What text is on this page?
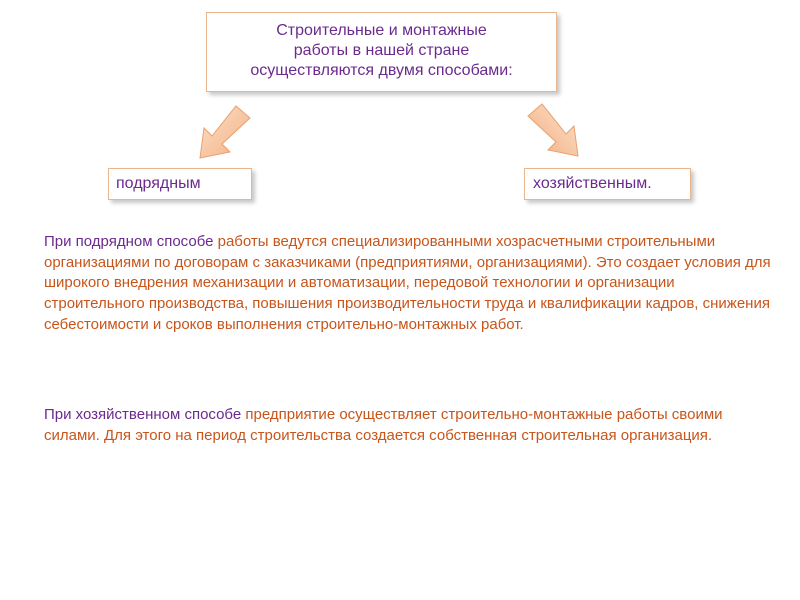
Строительные и монтажные
работы в нашей стране
осуществляются двумя способами:
подрядным	хозяйственным.

При подрядном способе работы ведутся специализированными хозрасчетными строительными организациями по договорам с заказчиками (предприятиями, организациями). Это создает условия для широкого внедрения механизации и автоматизации, передовой технологии и организации строительного производства, повышения производительности труда и квалификации кадров, снижения себестоимости и сроков выполнения строительно-монтажных работ.

При хозяйственном способе предприятие осуществляет строительно-монтажные работы своими силами. Для этого на период строительства создается собственная строительная организация.
